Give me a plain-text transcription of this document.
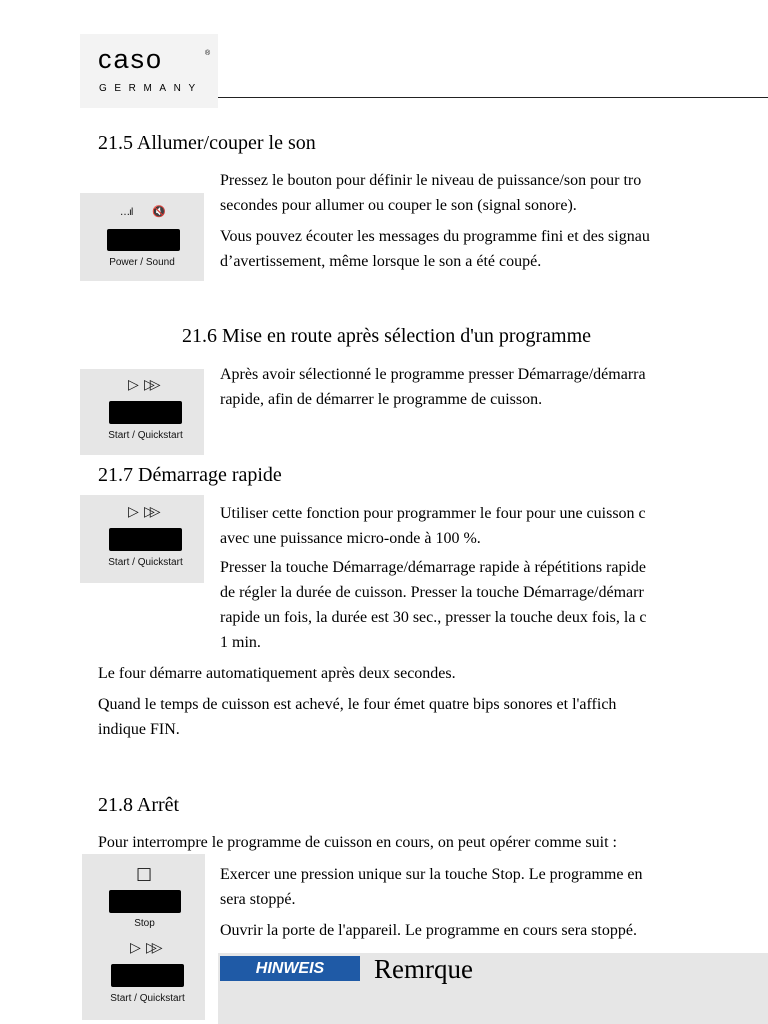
caso	®
GERMANY
21.5 Allumer/couper le son
…ıl 🔇
Power / Sound
Pressez le bouton pour définir le niveau de puissance/son pour tro
secondes pour allumer ou couper le son (signal sonore).
Vous pouvez écouter les messages du programme fini et des signau
d’avertissement, même lorsque le son a été coupé.
21.6 Mise en route après sélection d'un programme
▷ ▷▷
Start / Quickstart
Après avoir sélectionné le programme presser Démarrage/démarra
rapide, afin de démarrer le programme de cuisson.
21.7 Démarrage rapide
▷ ▷▷
Start / Quickstart
Utiliser cette fonction pour programmer le four pour une cuisson c
avec une puissance micro-onde à 100 %.
Presser la touche Démarrage/démarrage rapide à répétitions rapide
de régler la durée de cuisson. Presser la touche Démarrage/démarr
rapide un fois, la durée est 30 sec., presser la touche deux fois, la c
1 min.
Le four démarre automatiquement après deux secondes.
Quand le temps de cuisson est achevé, le four émet quatre bips sonores et l'affich
indique FIN.
21.8 Arrêt
Pour interrompre le programme de cuisson en cours, on peut opérer comme suit :
□
Stop
▷ ▷▷
Start / Quickstart
Exercer une pression unique sur la touche Stop. Le programme en
sera stoppé.
Ouvrir la porte de l'appareil. Le programme en cours sera stoppé.
HINWEIS	Remrque
